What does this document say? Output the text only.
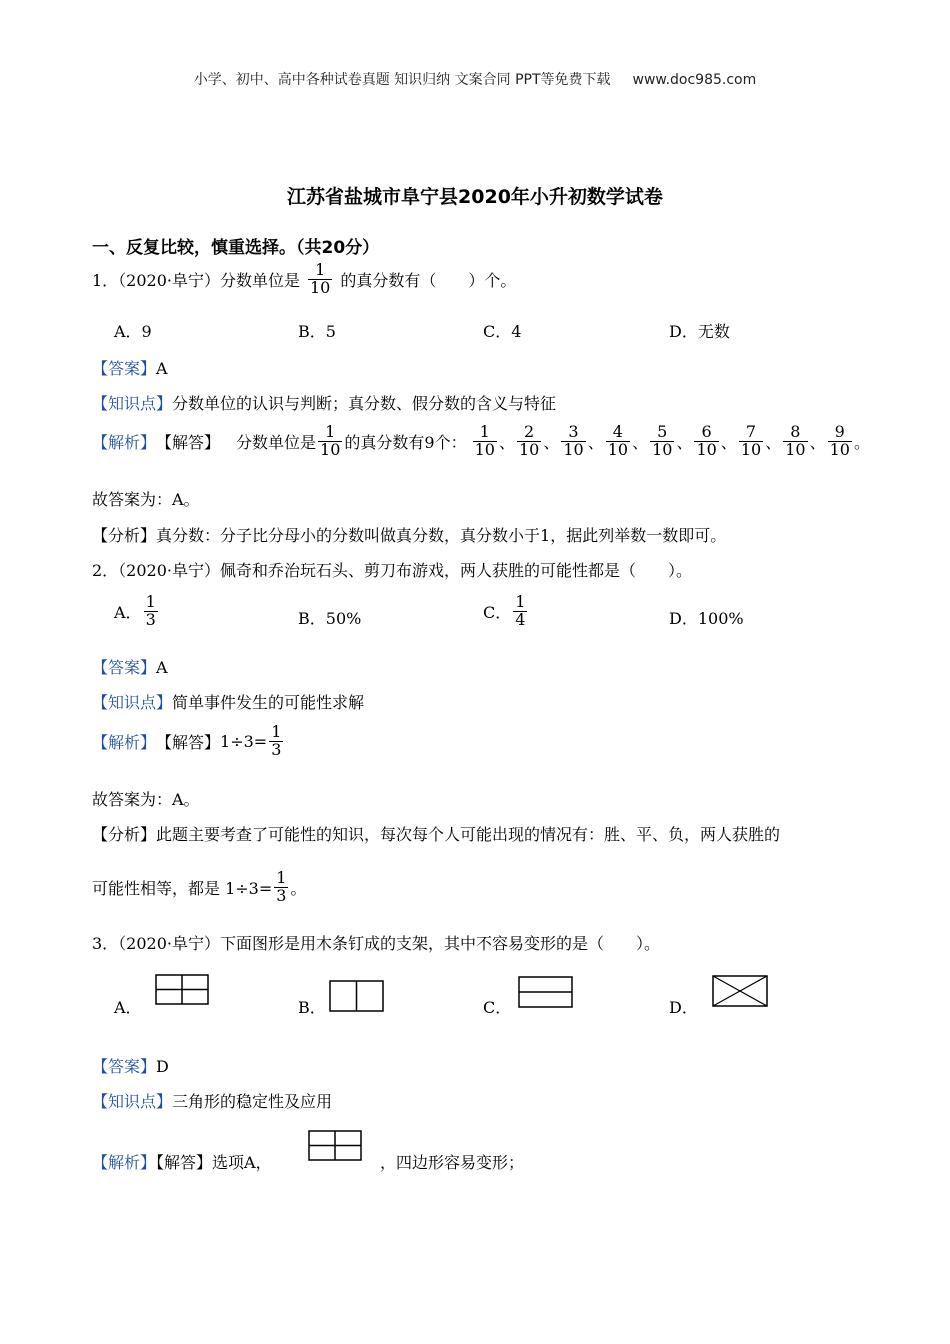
小学、初中、高中各种试卷真题 知识归纳 文案合同 PPT等免费下载 www.doc985.com
江苏省盐城市阜宁县2020年小升初数学试卷
一、反复比较，慎重选择。（共20分）
1．（2020·阜宁）分数单位是 $\frac{1}{10}$ 的真分数有（　　）个。
A．9	B．5	C．4	D．无数
【答案】A
【知识点】分数单位的认识与判断；真分数、假分数的含义与特征
【解析】 【解答】 分数单位是 $\frac{1}{10}$ 的真分数有9个： $\frac{1}{10}$ 、 $\frac{2}{10}$ 、 $\frac{3}{10}$ 、 $\frac{4}{10}$ 、 $\frac{5}{10}$ 、 $\frac{6}{10}$ 、 $\frac{7}{10}$ 、 $\frac{8}{10}$ 、 $\frac{9}{10}$ 。
故答案为：A。
【分析】真分数：分子比分母小的分数叫做真分数，真分数小于1，据此列举数一数即可。
2．（2020·阜宁）佩奇和乔治玩石头、剪刀布游戏，两人获胜的可能性都是（　　）。
A． $\frac{1}{3}$	B．50%	C． $\frac{1}{4}$	D．100%
【答案】A
【知识点】简单事件发生的可能性求解
【解析】 【解答】 $1\div 3= \frac{1}{3}$
故答案为：A。
【分析】此题主要考查了可能性的知识，每次每个人可能出现的情况有：胜、平、负，两人获胜的
可能性相等，都是 $1\div 3= \frac{1}{3}$ 。
3．（2020·阜宁）下面图形是用木条钉成的支架，其中不容易变形的是（　　）。
A．	B．	C．	D．
【答案】D
【知识点】三角形的稳定性及应用
【解析】【解答】选项A，	，四边形容易变形；
